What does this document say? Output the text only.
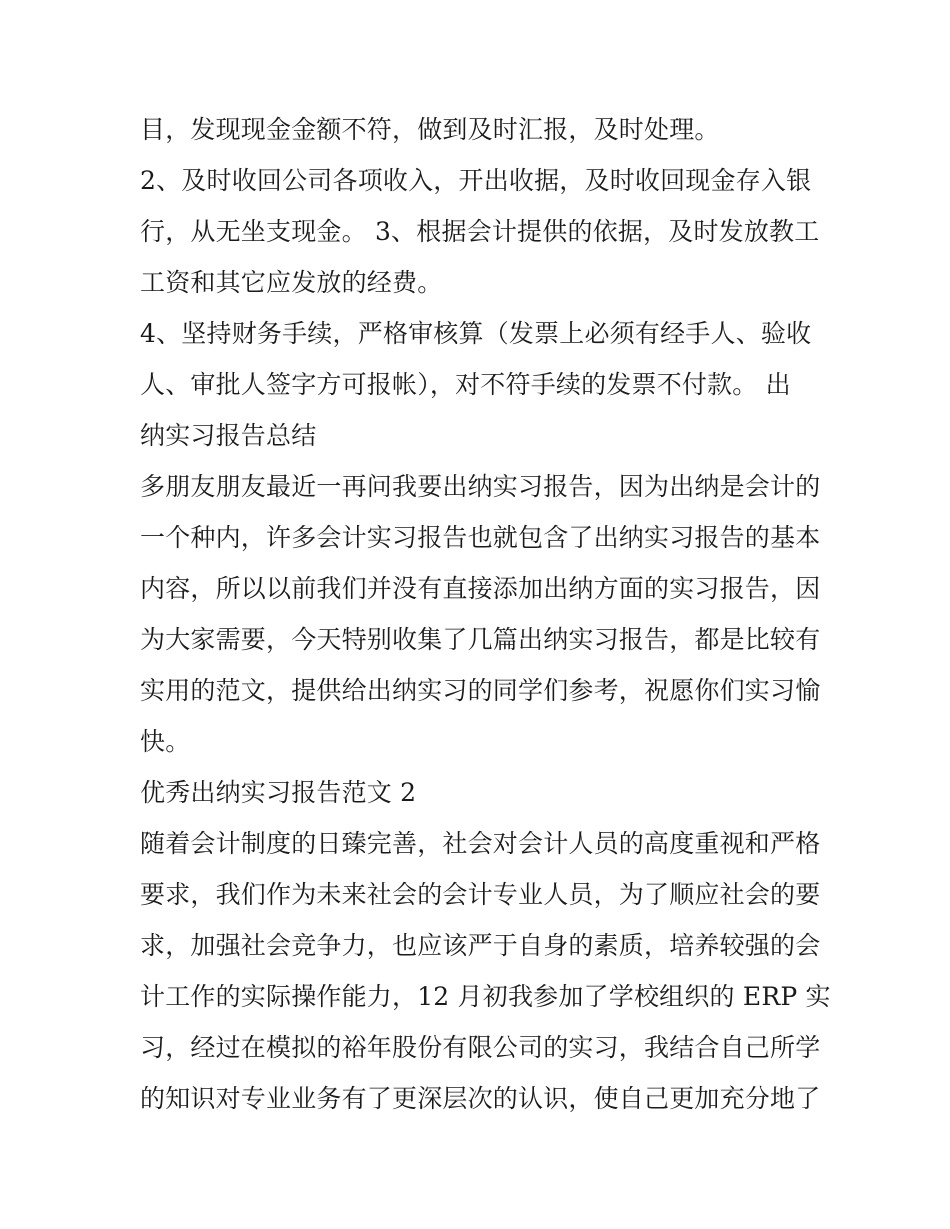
目，发现现金金额不符，做到及时汇报，及时处理。
2、及时收回公司各项收入，开出收据，及时收回现金存入银
行，从无坐支现金。 3、根据会计提供的依据，及时发放教工
工资和其它应发放的经费。
4、坚持财务手续，严格审核算（发票上必须有经手人、验收
人、审批人签字方可报帐），对不符手续的发票不付款。 出
纳实习报告总结
多朋友朋友最近一再问我要出纳实习报告，因为出纳是会计的
一个种内，许多会计实习报告也就包含了出纳实习报告的基本
内容，所以以前我们并没有直接添加出纳方面的实习报告，因
为大家需要，今天特别收集了几篇出纳实习报告，都是比较有
实用的范文，提供给出纳实习的同学们参考，祝愿你们实习愉
快。
优秀出纳实习报告范文 2
随着会计制度的日臻完善，社会对会计人员的高度重视和严格
要求，我们作为未来社会的会计专业人员，为了顺应社会的要
求，加强社会竞争力，也应该严于自身的素质，培养较强的会
计工作的实际操作能力，12 月初我参加了学校组织的 ERP 实
习，经过在模拟的裕年股份有限公司的实习，我结合自己所学
的知识对专业业务有了更深层次的认识，使自己更加充分地了
